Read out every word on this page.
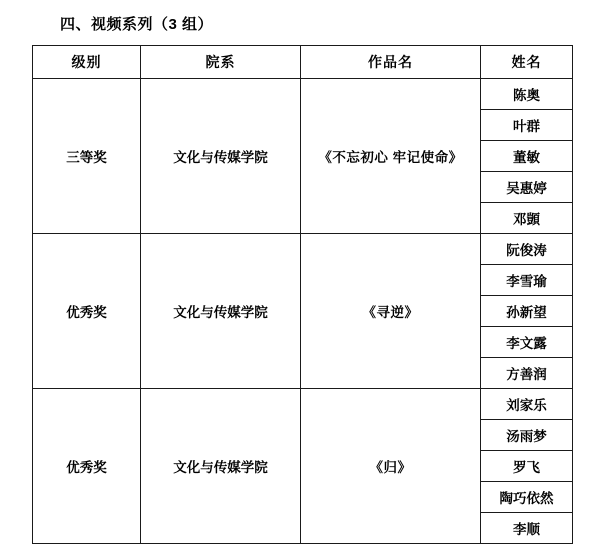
四、视频系列（3 组）
级别	院系	作品名	姓名
三等奖	文化与传媒学院	《不忘初心 牢记使命》	陈奥
			叶群
			董敏
			吴惠婷
			邓顗
优秀奖	文化与传媒学院	《寻逆》	阮俊涛
			李雪瑜
			孙新望
			李文露
			方善润
优秀奖	文化与传媒学院	《归》	刘家乐
			汤雨梦
			罗飞
			陶巧依然
			李顺
